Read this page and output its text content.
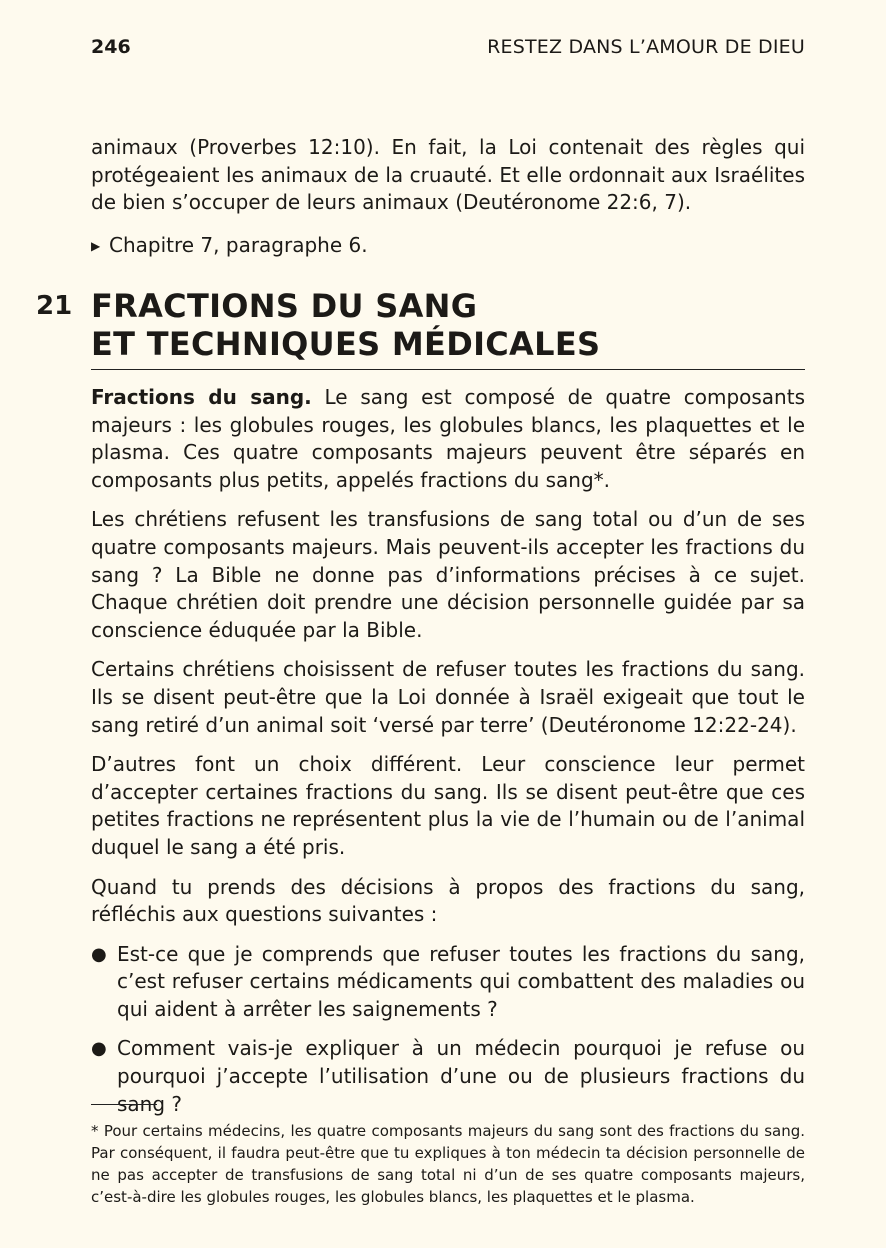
246	RESTEZ DANS L’AMOUR DE DIEU

animaux (Proverbes 12:10). En fait, la Loi contenait des règles qui protégeaient les animaux de la cruauté. Et elle ordonnait aux Israélites de bien s’occuper de leurs animaux (Deutéronome 22:6, 7).

▶ Chapitre 7, paragraphe 6.
21 FRACTIONS DU SANG
ET TECHNIQUES MÉDICALES

Fractions du sang. Le sang est composé de quatre composants majeurs : les globules rouges, les globules blancs, les plaquettes et le plasma. Ces quatre composants majeurs peuvent être séparés en composants plus petits, appelés fractions du sang*.

Les chrétiens refusent les transfusions de sang total ou d’un de ses quatre composants majeurs. Mais peuvent-ils accepter les fractions du sang ? La Bible ne donne pas d’informations précises à ce sujet. Chaque chrétien doit prendre une décision personnelle guidée par sa conscience éduquée par la Bible.

Certains chrétiens choisissent de refuser toutes les fractions du sang. Ils se disent peut-être que la Loi donnée à Israël exigeait que tout le sang retiré d’un animal soit ‘versé par terre’ (Deutéronome 12:22-24).

D’autres font un choix différent. Leur conscience leur permet d’accepter certaines fractions du sang. Ils se disent peut-être que ces petites fractions ne représentent plus la vie de l’humain ou de l’animal duquel le sang a été pris.

Quand tu prends des décisions à propos des fractions du sang, réfléchis aux questions suivantes :

● Est-ce que je comprends que refuser toutes les fractions du sang, c’est refuser certains médicaments qui combattent des maladies ou qui aident à arrêter les saignements ?
● Comment vais-je expliquer à un médecin pourquoi je refuse ou pourquoi j’accepte l’utilisation d’une ou de plusieurs fractions du sang ?

* Pour certains médecins, les quatre composants majeurs du sang sont des fractions du sang. Par conséquent, il faudra peut-être que tu expliques à ton médecin ta décision personnelle de ne pas accepter de transfusions de sang total ni d’un de ses quatre composants majeurs, c’est-à-dire les globules rouges, les globules blancs, les plaquettes et le plasma.
